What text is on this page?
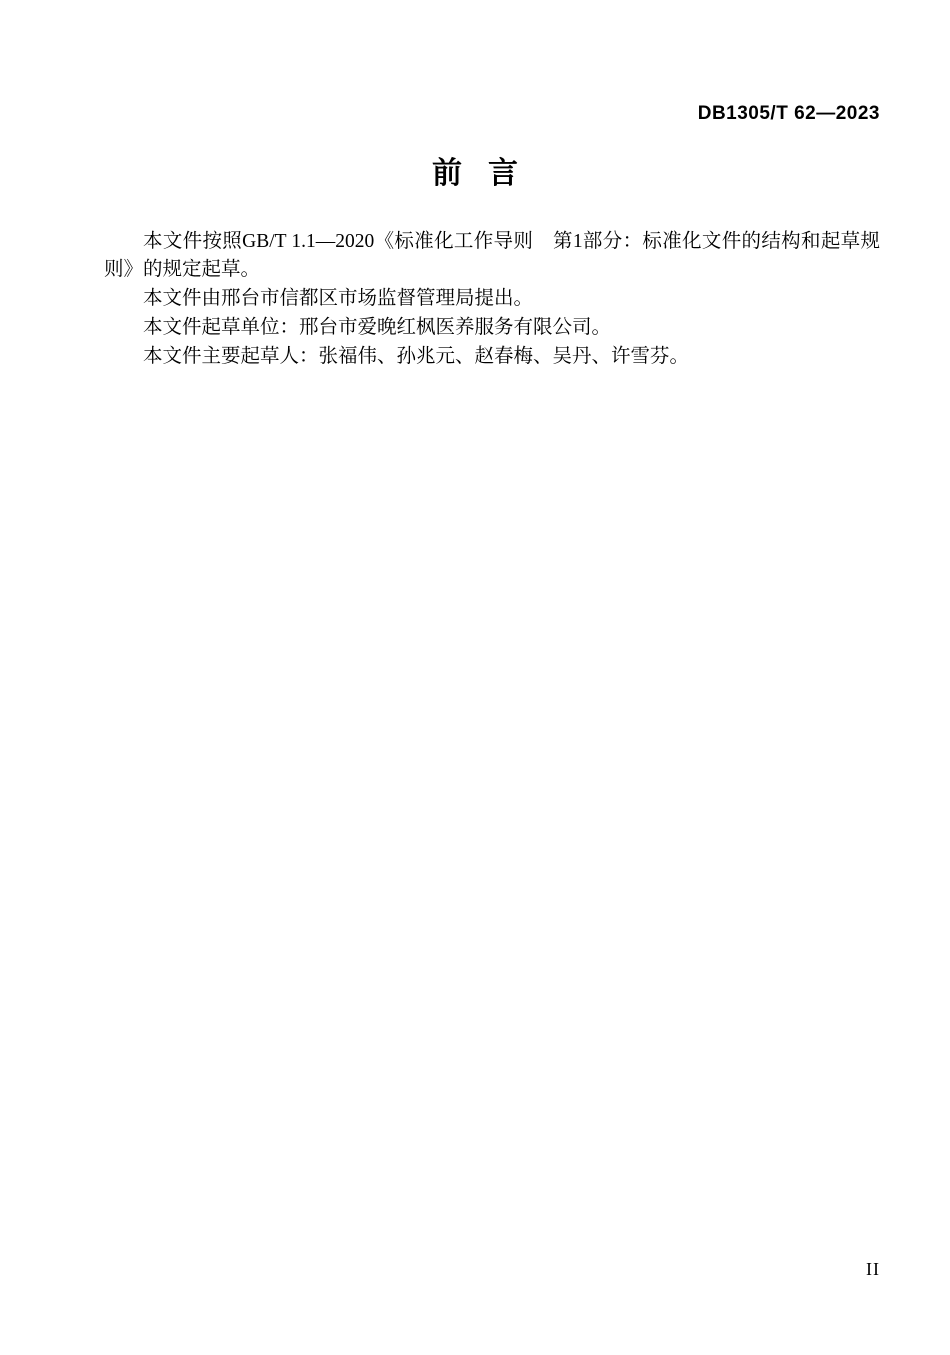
DB1305/T 62—2023
前言

本文件按照GB/T 1.1—2020《标准化工作导则　第1部分：标准化文件的结构和起草规则》的规定起草。

本文件由邢台市信都区市场监督管理局提出。

本文件起草单位：邢台市爱晚红枫医养服务有限公司。

本文件主要起草人：张福伟、孙兆元、赵春梅、吴丹、许雪芬。

II
